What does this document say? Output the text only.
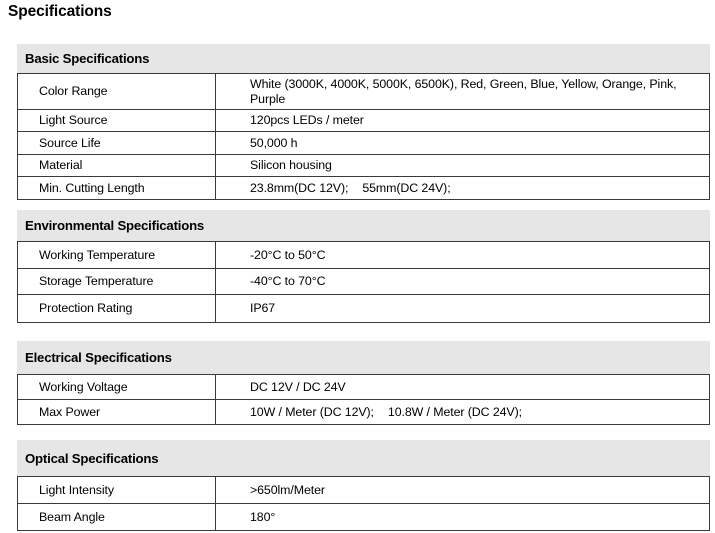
Specifications
Basic Specifications
Color Range	White (3000K, 4000K, 5000K, 6500K), Red, Green, Blue, Yellow, Orange, Pink, Purple
Light Source	120pcs LEDs / meter
Source Life	50,000 h
Material	Silicon housing
Min. Cutting Length	23.8mm(DC 12V); 55mm(DC 24V);
Environmental Specifications
Working Temperature	-20°C to 50°C
Storage Temperature	-40°C to 70°C
Protection Rating	IP67
Electrical Specifications
Working Voltage	DC 12V / DC 24V
Max Power	10W / Meter (DC 12V); 10.8W / Meter (DC 24V);
Optical Specifications
Light Intensity	>650lm/Meter
Beam Angle	180°
